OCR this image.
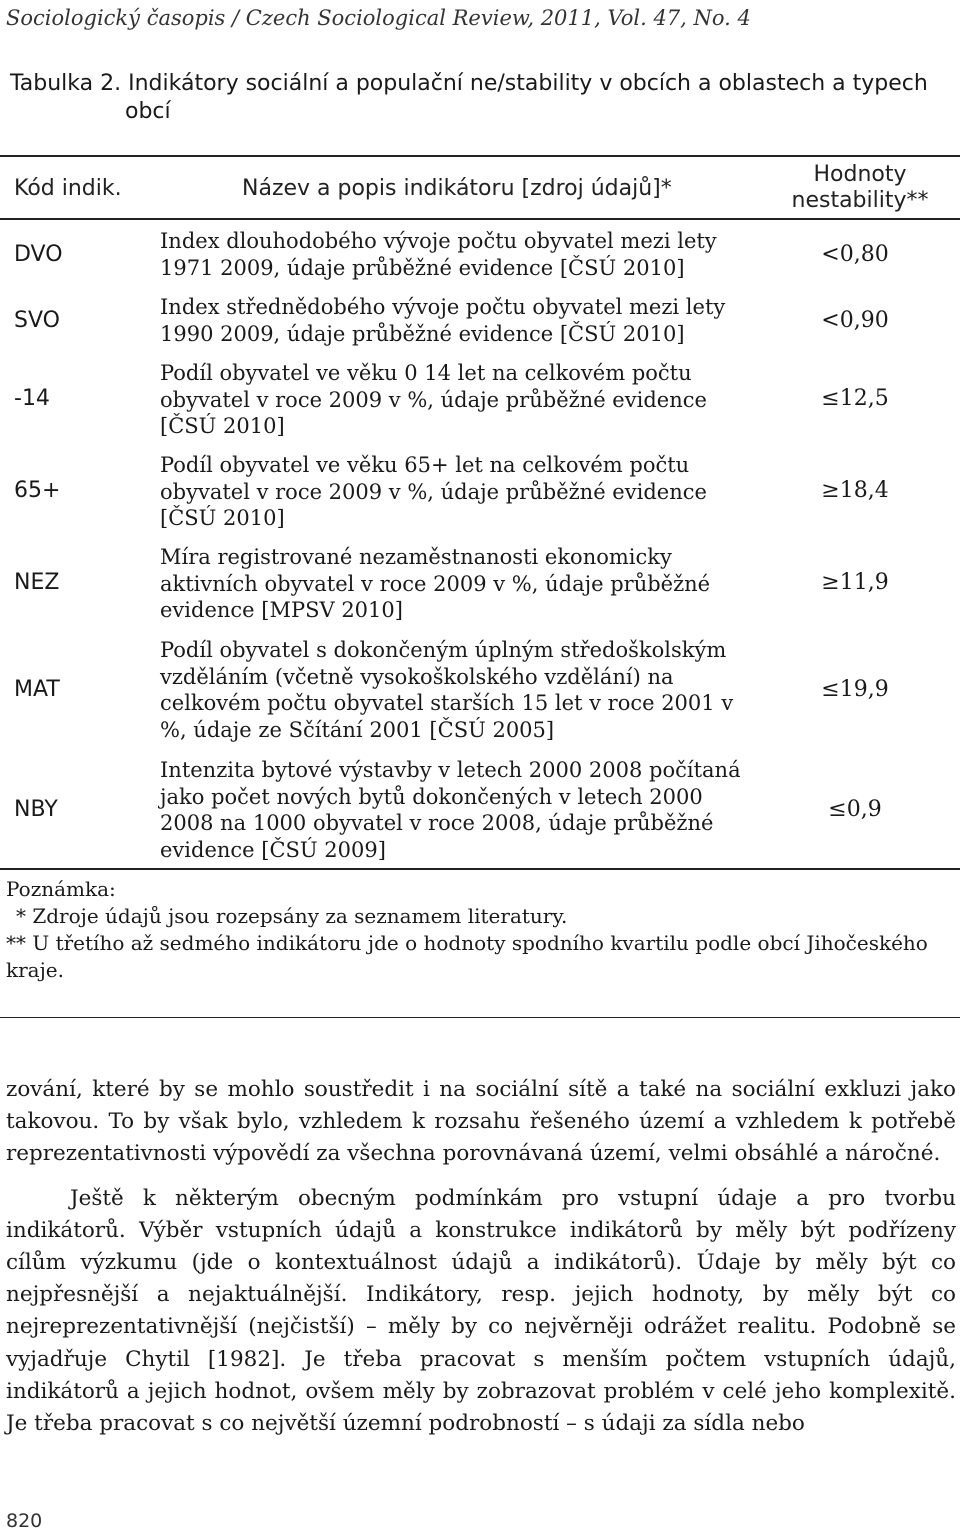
Sociologický časopis / Czech Sociological Review, 2011, Vol. 47, No. 4
Tabulka 2. Indikátory sociální a populační ne/stability v obcích a oblastech a typech obcí
Kód indik.	Název a popis indikátoru [zdroj údajů]*
Hodnoty
nestability**
DVO
Index dlouhodobého vývoje počtu obyvatel mezi lety 1971 2009, údaje průběžné evidence [ČSÚ 2010]
<0,80
SVO
Index střednědobého vývoje počtu obyvatel mezi lety 1990 2009, údaje průběžné evidence [ČSÚ 2010]
<0,90
-14
Podíl obyvatel ve věku 0 14 let na celkovém počtu obyvatel v roce 2009 v %, údaje průběžné evidence [ČSÚ 2010]
≤12,5
65+
Podíl obyvatel ve věku 65+ let na celkovém počtu obyvatel v roce 2009 v %, údaje průběžné evidence [ČSÚ 2010]
≥18,4
NEZ
Míra registrované nezaměstnanosti ekonomicky aktivních obyvatel v roce 2009 v %, údaje průběžné evidence [MPSV 2010]
≥11,9
MAT
Podíl obyvatel s dokončeným úplným středoškolským vzděláním (včetně vysokoškolského vzdělání) na celkovém počtu obyvatel starších 15 let v roce 2001 v %, údaje ze Sčítání 2001 [ČSÚ 2005]
≤19,9
NBY
Intenzita bytové výstavby v letech 2000 2008 počítaná jako počet nových bytů dokončených v letech 2000 2008 na 1000 obyvatel v roce 2008, údaje průběžné evidence [ČSÚ 2009]
≤0,9
Poznámka:
* Zdroje údajů jsou rozepsány za seznamem literatury.
** U třetího až sedmého indikátoru jde o hodnoty spodního kvartilu podle obcí Jihočeského kraje.

zování, které by se mohlo soustředit i na sociální sítě a také na sociální exkluzi jako takovou. To by však bylo, vzhledem k rozsahu řešeného území a vzhledem k potřebě reprezentativnosti výpovědí za všechna porovnávaná území, velmi obsáhlé a náročné.

Ještě k některým obecným podmínkám pro vstupní údaje a pro tvorbu indikátorů. Výběr vstupních údajů a konstrukce indikátorů by měly být podřízeny cílům výzkumu (jde o kontextuálnost údajů a indikátorů). Údaje by měly být co nejpřesnější a nejaktuálnější. Indikátory, resp. jejich hodnoty, by měly být co nejreprezentativnější (nejčistší) – měly by co nejvěrněji odrážet realitu. Podobně se vyjadřuje Chytil [1982]. Je třeba pracovat s menším počtem vstupních údajů, indikátorů a jejich hodnot, ovšem měly by zobrazovat problém v celé jeho komplexitě. Je třeba pracovat s co největší územní podrobností – s údaji za sídla nebo

820
